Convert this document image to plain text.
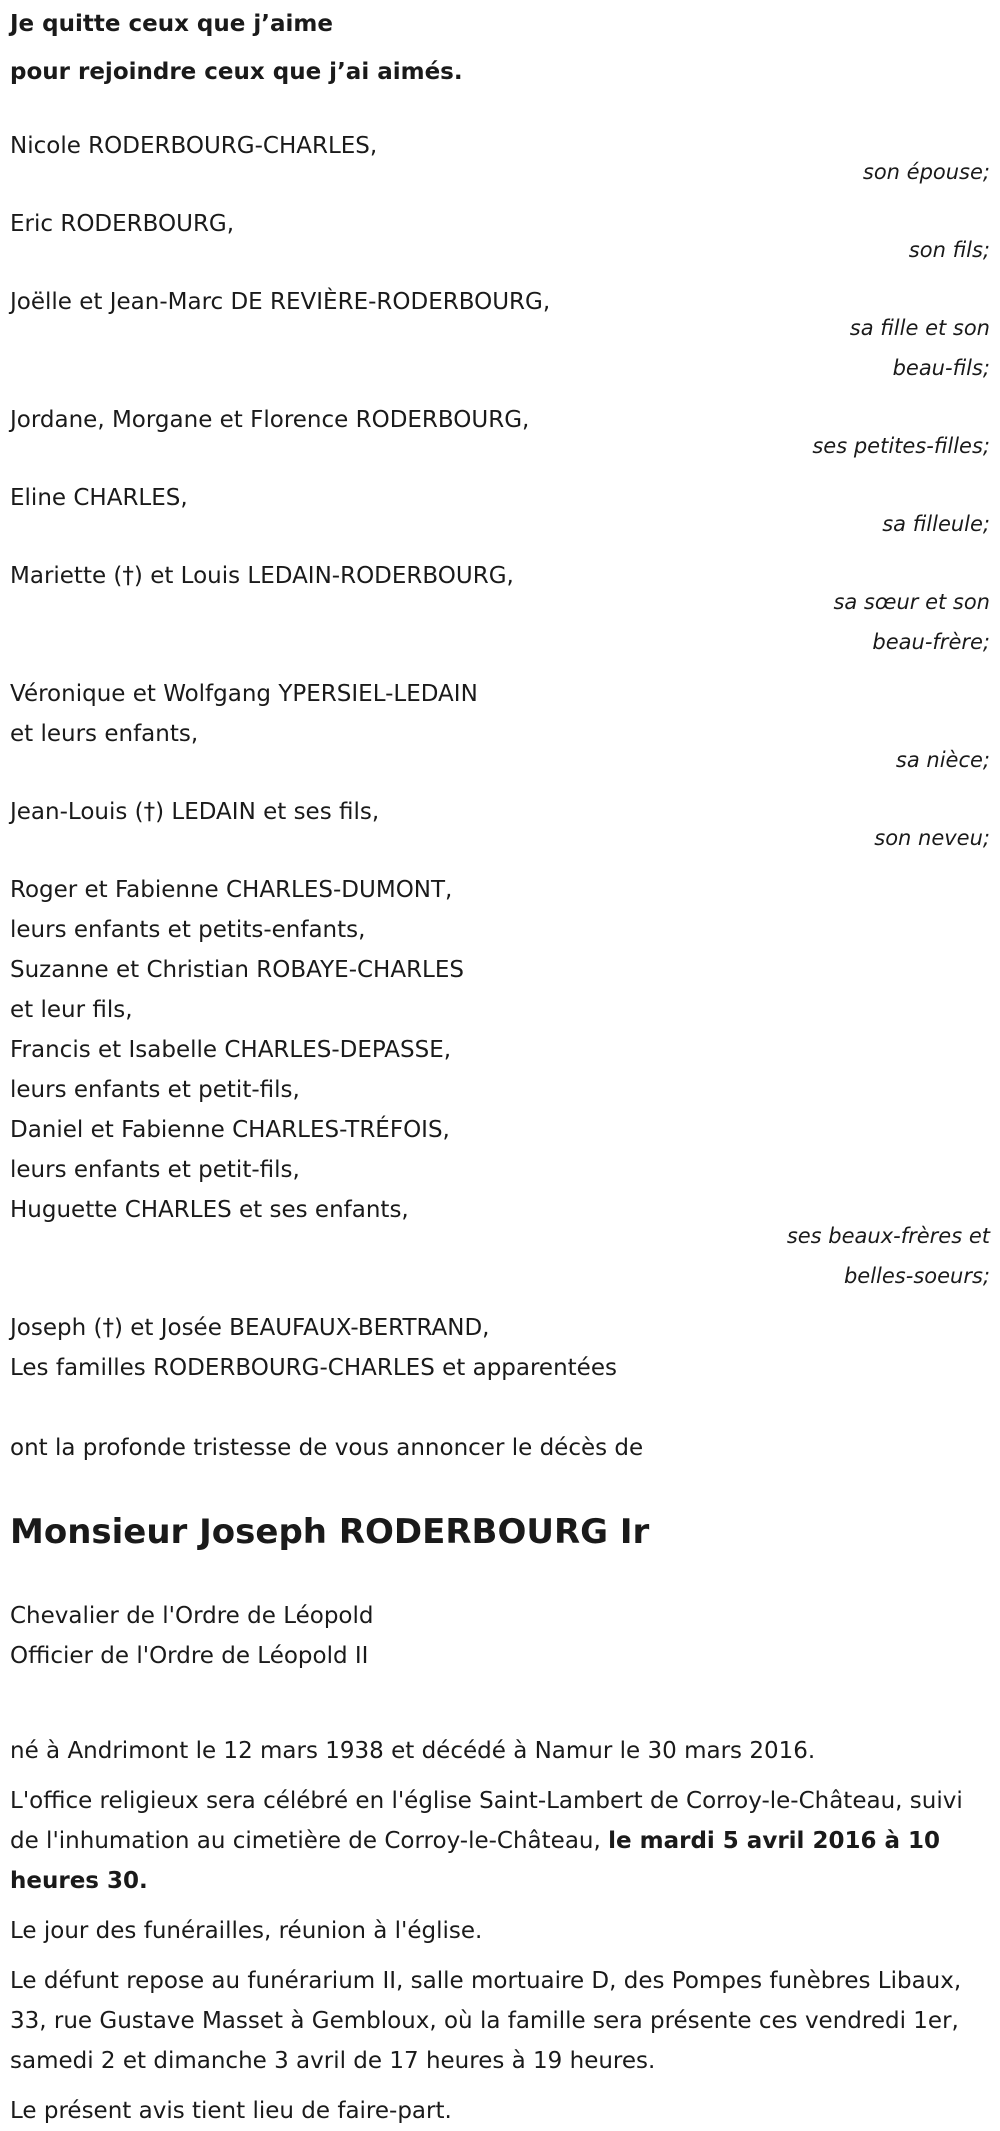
Je quitte ceux que j’aime
pour rejoindre ceux que j’ai aimés.
Nicole RODERBOURG-CHARLES,
son épouse;
Eric RODERBOURG,
son fils;
Joëlle et Jean-Marc DE REVIÈRE-RODERBOURG,
sa fille et son
beau-fils;
Jordane, Morgane et Florence RODERBOURG,
ses petites-filles;
Eline CHARLES,
sa filleule;
Mariette (†) et Louis LEDAIN-RODERBOURG,
sa sœur et son
beau-frère;
Véronique et Wolfgang YPERSIEL-LEDAIN
et leurs enfants,
sa nièce;
Jean-Louis (†) LEDAIN et ses fils,
son neveu;
Roger et Fabienne CHARLES-DUMONT,
leurs enfants et petits-enfants,
Suzanne et Christian ROBAYE-CHARLES
et leur fils,
Francis et Isabelle CHARLES-DEPASSE,
leurs enfants et petit-fils,
Daniel et Fabienne CHARLES-TRÉFOIS,
leurs enfants et petit-fils,
Huguette CHARLES et ses enfants,
ses beaux-frères et
belles-soeurs;
Joseph (†) et Josée BEAUFAUX-BERTRAND,
Les familles RODERBOURG-CHARLES et apparentées
ont la profonde tristesse de vous annoncer le décès de
Monsieur Joseph RODERBOURG Ir
Chevalier de l'Ordre de Léopold
Officier de l'Ordre de Léopold II
né à Andrimont le 12 mars 1938 et décédé à Namur le 30 mars 2016.
L'office religieux sera célébré en l'église Saint-Lambert de Corroy-le-Château, suivi de l'inhumation au cimetière de Corroy-le-Château, le mardi 5 avril 2016 à 10 heures 30.
Le jour des funérailles, réunion à l'église.
Le défunt repose au funérarium II, salle mortuaire D, des Pompes funèbres Libaux, 33, rue Gustave Masset à Gembloux, où la famille sera présente ces vendredi 1er, samedi 2 et dimanche 3 avril de 17 heures à 19 heures.
Le présent avis tient lieu de faire-part.
